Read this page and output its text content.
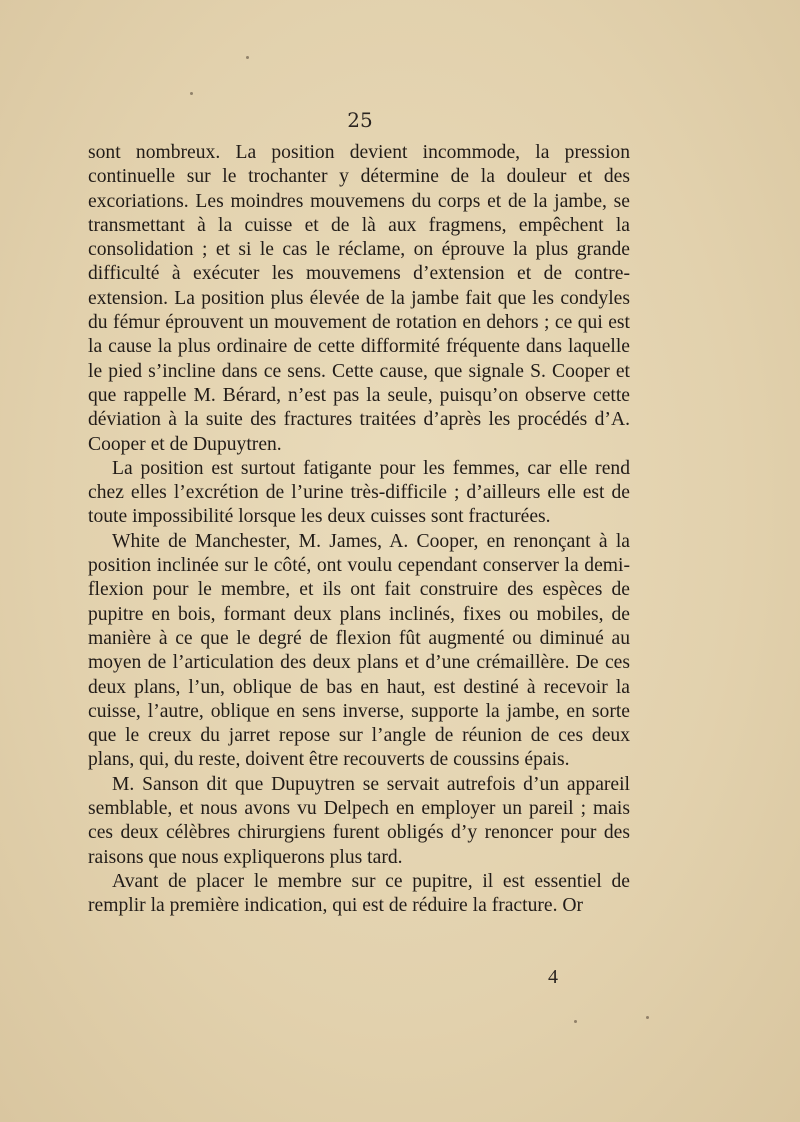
25

sont nombreux. La position devient incommode, la pression continuelle sur le trochanter y détermine de la douleur et des excoriations. Les moindres mouvemens du corps et de la jambe, se transmettant à la cuisse et de là aux fragmens, empêchent la consolidation ; et si le cas le réclame, on éprouve la plus grande difficulté à exécuter les mouvemens d’extension et de contre-extension. La position plus élevée de la jambe fait que les condyles du fémur éprouvent un mouvement de rotation en dehors ; ce qui est la cause la plus ordinaire de cette difformité fréquente dans laquelle le pied s’incline dans ce sens. Cette cause, que signale S. Cooper et que rappelle M. Bérard, n’est pas la seule, puisqu’on observe cette déviation à la suite des fractures traitées d’après les procédés d’A. Cooper et de Dupuytren.

La position est surtout fatigante pour les femmes, car elle rend chez elles l’excrétion de l’urine très-difficile ; d’ailleurs elle est de toute impossibilité lorsque les deux cuisses sont fracturées.

White de Manchester, M. James, A. Cooper, en renonçant à la position inclinée sur le côté, ont voulu cependant conserver la demi-flexion pour le membre, et ils ont fait construire des espèces de pupitre en bois, formant deux plans inclinés, fixes ou mobiles, de manière à ce que le degré de flexion fût augmenté ou diminué au moyen de l’articulation des deux plans et d’une crémaillère. De ces deux plans, l’un, oblique de bas en haut, est destiné à recevoir la cuisse, l’autre, oblique en sens inverse, supporte la jambe, en sorte que le creux du jarret repose sur l’angle de réunion de ces deux plans, qui, du reste, doivent être recouverts de coussins épais.

M. Sanson dit que Dupuytren se servait autrefois d’un appareil semblable, et nous avons vu Delpech en employer un pareil ; mais ces deux célèbres chirurgiens furent obligés d’y renoncer pour des raisons que nous expliquerons plus tard.

Avant de placer le membre sur ce pupitre, il est essentiel de remplir la première indication, qui est de réduire la fracture. Or

4
